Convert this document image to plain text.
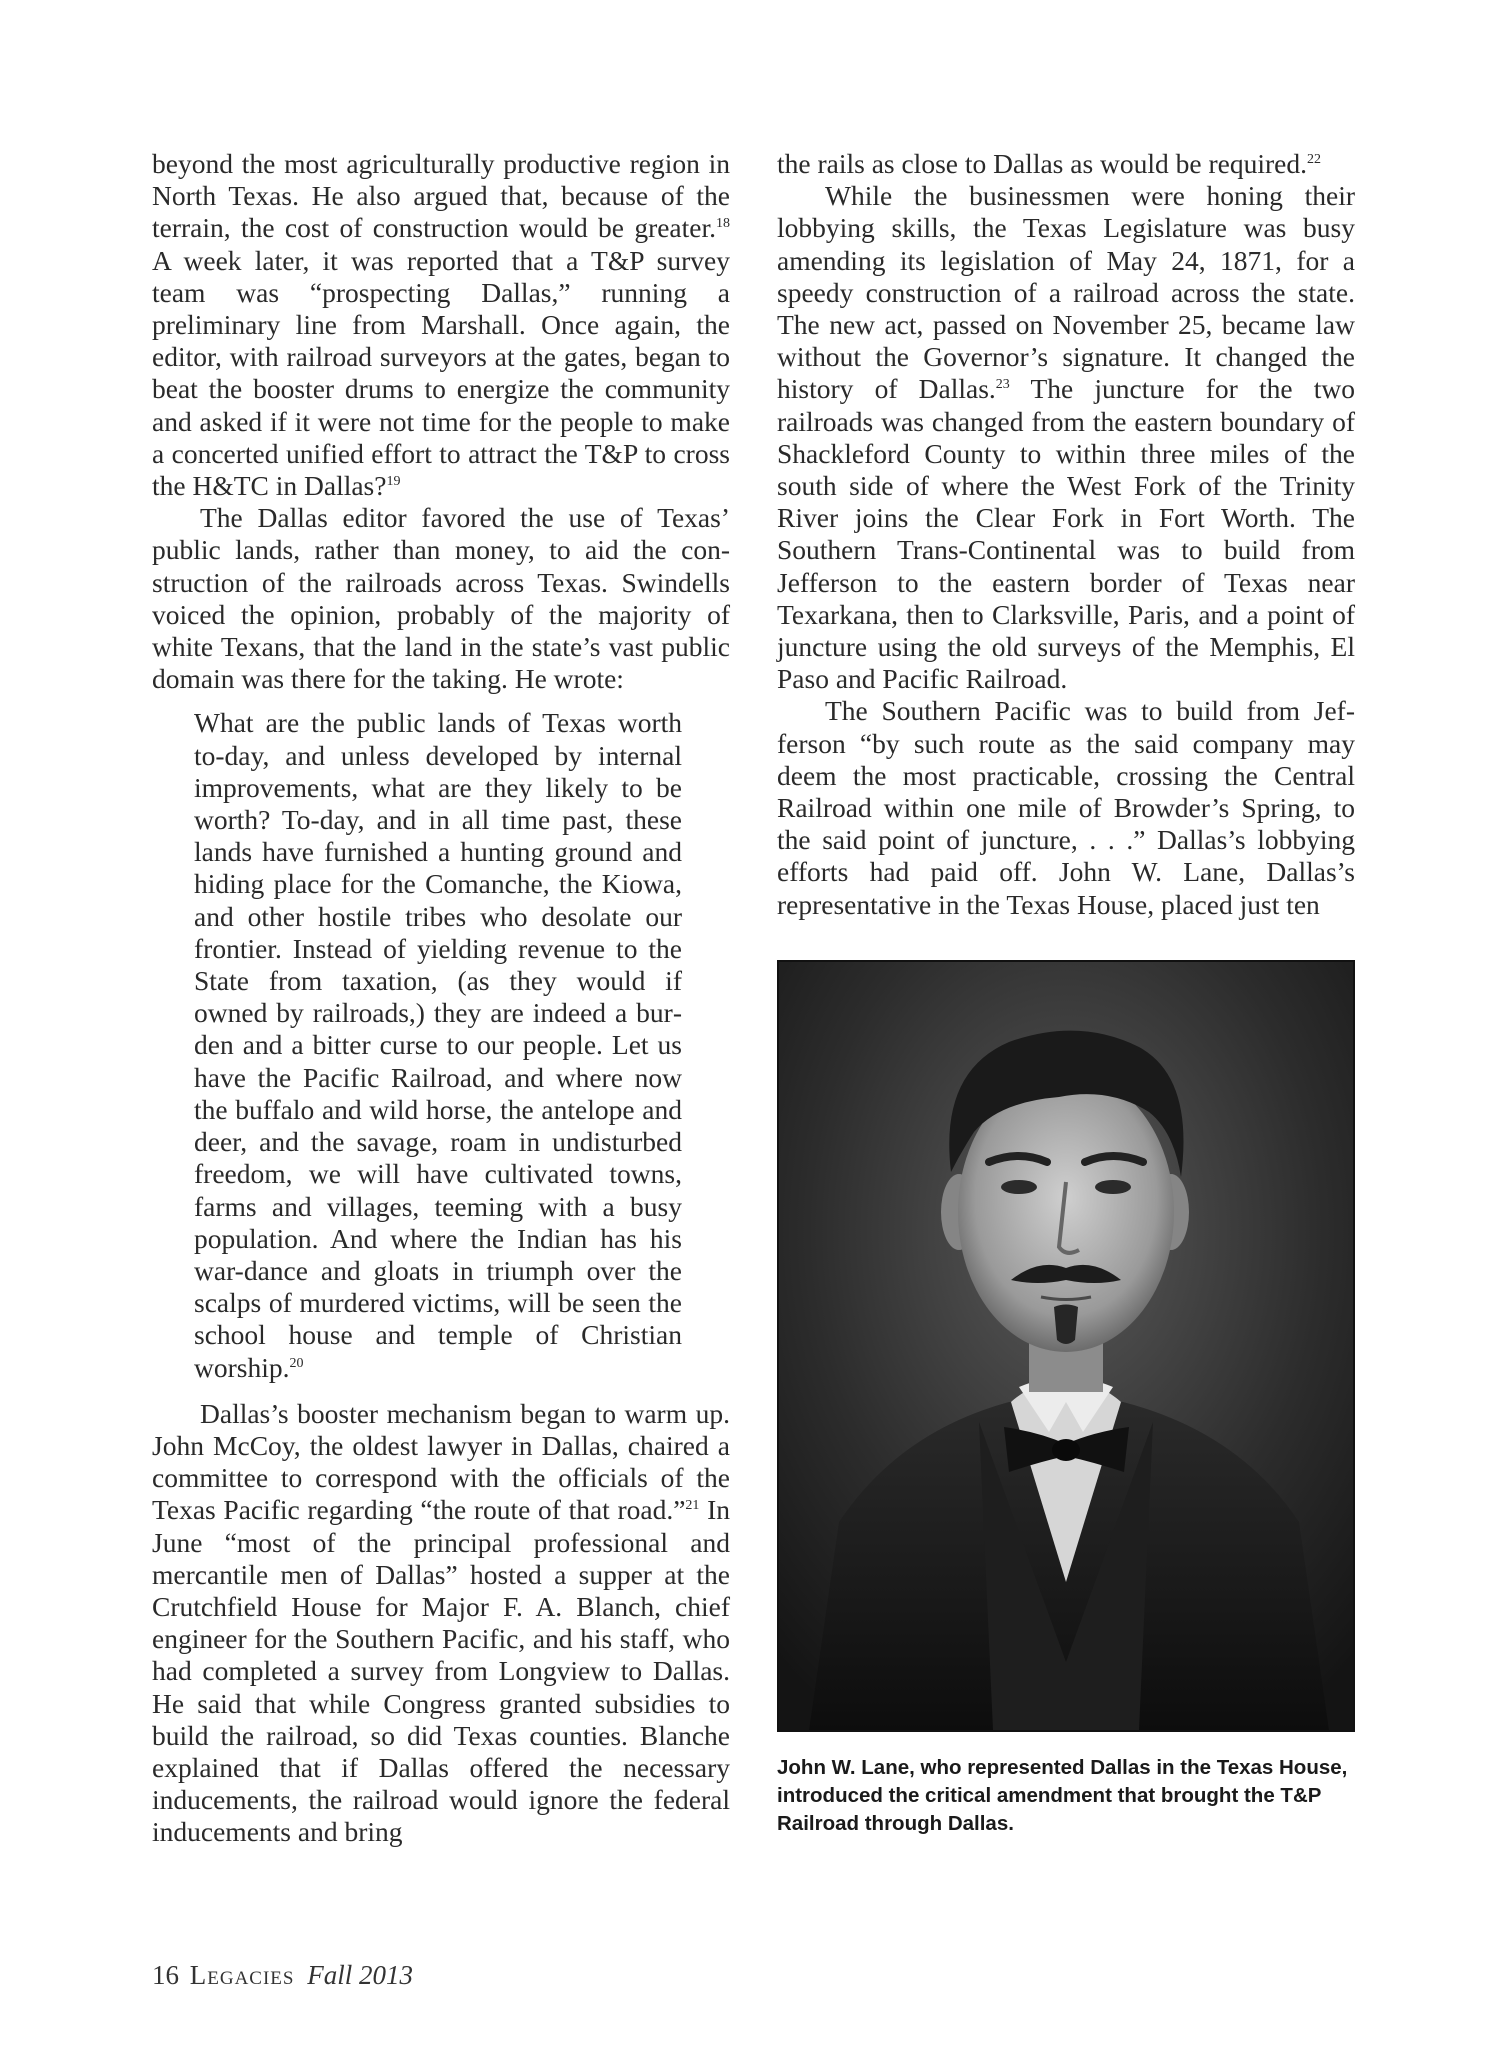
beyond the most agriculturally productive region in North Texas. He also argued that, because of the terrain, the cost of construction would be greater.$^{18}$ A week later, it was reported that a T&P survey team was “prospecting Dallas,” running a preliminary line from Marshall. Once again, the editor, with railroad surveyors at the gates, began to beat the booster drums to energize the community and asked if it were not time for the people to make a concerted unified effort to attract the T&P to cross the H&TC in Dallas?$^{19}$

The Dallas editor favored the use of Texas’ public lands, rather than money, to aid the construction of the railroads across Texas. Swindells voiced the opinion, probably of the majority of white Texans, that the land in the state’s vast public domain was there for the taking. He wrote:

What are the public lands of Texas worth to-day, and unless developed by internal improvements, what are they likely to be worth? To-day, and in all time past, these lands have furnished a hunting ground and hiding place for the Comanche, the Kiowa, and other hostile tribes who desolate our frontier. Instead of yielding revenue to the State from taxation, (as they would if owned by railroads,) they are indeed a burden and a bitter curse to our people. Let us have the Pacific Railroad, and where now the buffalo and wild horse, the antelope and deer, and the savage, roam in undisturbed freedom, we will have cultivated towns, farms and villages, teeming with a busy population. And where the Indian has his war-dance and gloats in triumph over the scalps of murdered victims, will be seen the school house and temple of Christian worship.$^{20}$

Dallas’s booster mechanism began to warm up. John McCoy, the oldest lawyer in Dallas, chaired a committee to correspond with the officials of the Texas Pacific regarding “the route of that road.”$^{21}$ In June “most of the principal professional and mercantile men of Dallas” hosted a supper at the Crutchfield House for Major F. A. Blanch, chief engineer for the Southern Pacific, and his staff, who had completed a survey from Longview to Dallas. He said that while Congress granted subsidies to build the railroad, so did Texas counties. Blanche explained that if Dallas offered the necessary inducements, the railroad would ignore the federal inducements and bring

the rails as close to Dallas as would be required.$^{22}$

While the businessmen were honing their lobbying skills, the Texas Legislature was busy amending its legislation of May 24, 1871, for a speedy construction of a railroad across the state. The new act, passed on November 25, became law without the Governor’s signature. It changed the history of Dallas.$^{23}$ The juncture for the two railroads was changed from the eastern boundary of Shackleford County to within three miles of the south side of where the West Fork of the Trinity River joins the Clear Fork in Fort Worth. The Southern Trans-Continental was to build from Jefferson to the eastern border of Texas near Texarkana, then to Clarksville, Paris, and a point of juncture using the old surveys of the Memphis, El Paso and Pacific Railroad.

The Southern Pacific was to build from Jefferson “by such route as the said company may deem the most practicable, crossing the Central Railroad within one mile of Browder’s Spring, to the said point of juncture, . . .” Dallas’s lobbying efforts had paid off. John W. Lane, Dallas’s representative in the Texas House, placed just ten

John W. Lane, who represented Dallas in the Texas House, introduced the critical amendment that brought the T&P Railroad through Dallas.
16 Legacies Fall 2013
